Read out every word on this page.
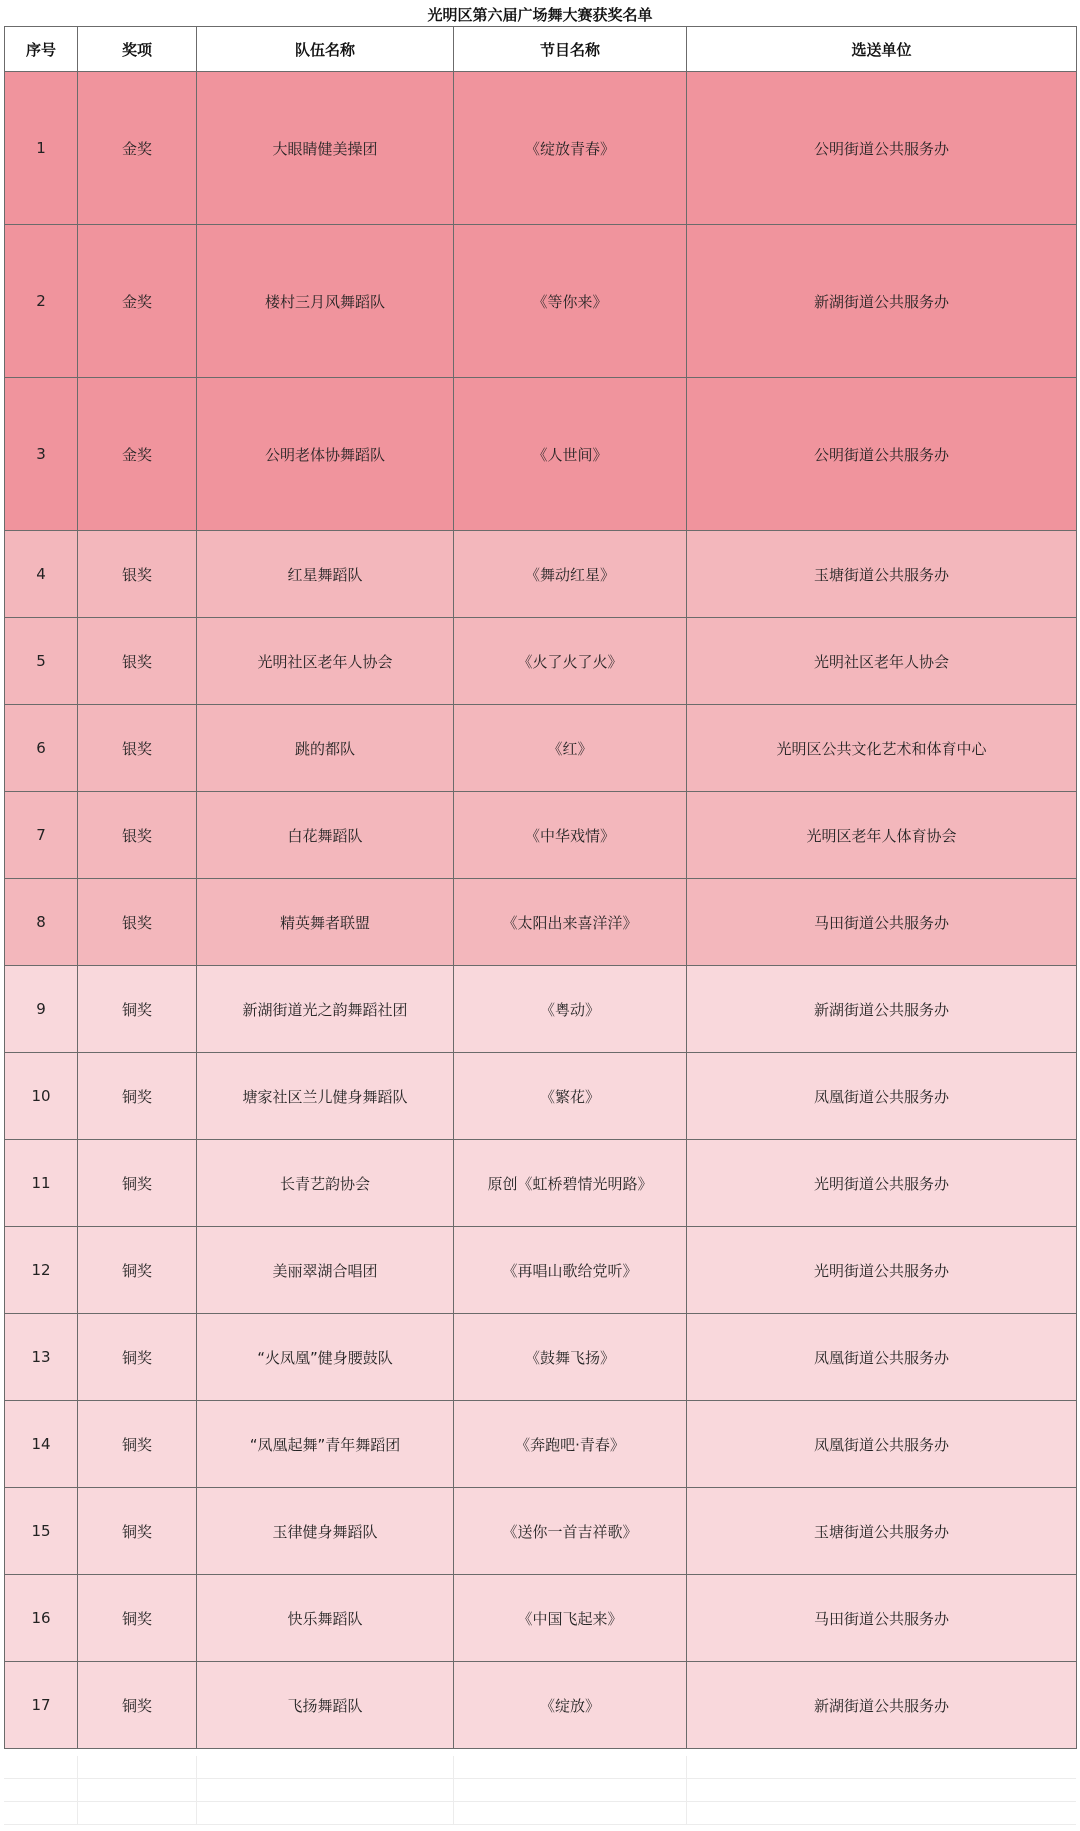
光明区第六届广场舞大赛获奖名单
序号	奖项	队伍名称	节目名称	选送单位
1	金奖	大眼睛健美操团	《绽放青春》	公明街道公共服务办
2	金奖	楼村三月风舞蹈队	《等你来》	新湖街道公共服务办
3	金奖	公明老体协舞蹈队	《人世间》	公明街道公共服务办
4	银奖	红星舞蹈队	《舞动红星》	玉塘街道公共服务办
5	银奖	光明社区老年人协会	《火了火了火》	光明社区老年人协会
6	银奖	跳的都队	《红》	光明区公共文化艺术和体育中心
7	银奖	白花舞蹈队	《中华戏情》	光明区老年人体育协会
8	银奖	精英舞者联盟	《太阳出来喜洋洋》	马田街道公共服务办
9	铜奖	新湖街道光之韵舞蹈社团	《粤动》	新湖街道公共服务办
10	铜奖	塘家社区兰儿健身舞蹈队	《繁花》	凤凰街道公共服务办
11	铜奖	长青艺韵协会	原创《虹桥碧情光明路》	光明街道公共服务办
12	铜奖	美丽翠湖合唱团	《再唱山歌给党听》	光明街道公共服务办
13	铜奖	“火凤凰”健身腰鼓队	《鼓舞飞扬》	凤凰街道公共服务办
14	铜奖	“凤凰起舞”青年舞蹈团	《奔跑吧·青春》	凤凰街道公共服务办
15	铜奖	玉律健身舞蹈队	《送你一首吉祥歌》	玉塘街道公共服务办
16	铜奖	快乐舞蹈队	《中国飞起来》	马田街道公共服务办
17	铜奖	飞扬舞蹈队	《绽放》	新湖街道公共服务办
